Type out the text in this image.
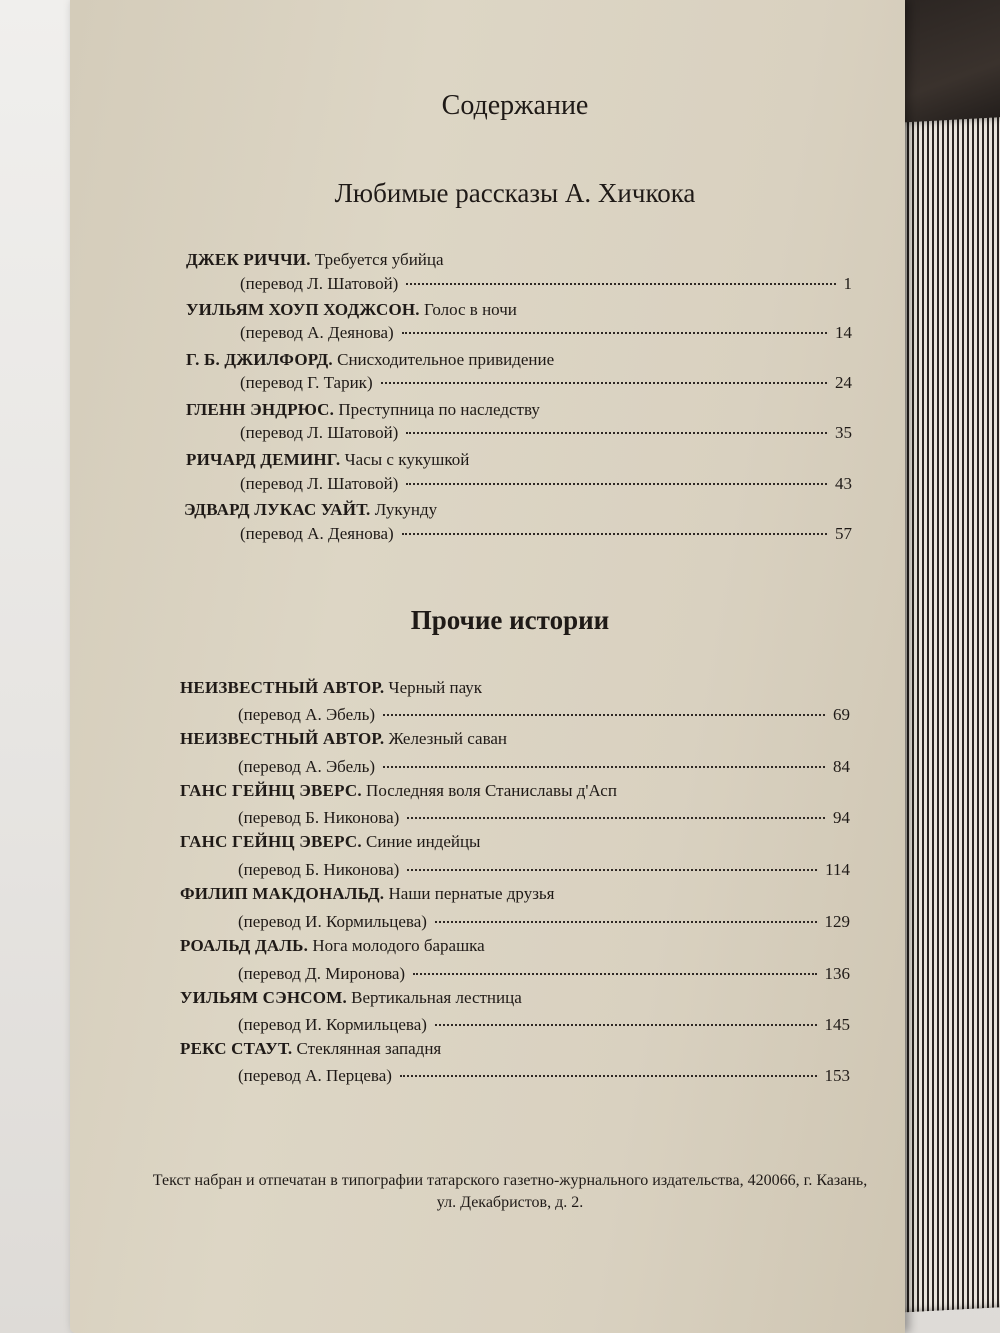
Содержание
Любимые рассказы А. Хичкока
ДЖЕК РИЧЧИ. Требуется убийца
(перевод Л. Шатовой)	1
УИЛЬЯМ ХОУП ХОДЖСОН. Голос в ночи
(перевод А. Деянова)	14
Г. Б. ДЖИЛФОРД. Снисходительное привидение
(перевод Г. Тарик)	24
ГЛЕНН ЭНДРЮС. Преступница по наследству
(перевод Л. Шатовой)	35
РИЧАРД ДЕМИНГ. Часы с кукушкой
(перевод Л. Шатовой)	43
ЭДВАРД ЛУКАС УАЙТ. Лукунду
(перевод А. Деянова)	57
Прочие истории
НЕИЗВЕСТНЫЙ АВТОР. Черный паук
(перевод А. Эбель)	69
НЕИЗВЕСТНЫЙ АВТОР. Железный саван
(перевод А. Эбель)	84
ГАНС ГЕЙНЦ ЭВЕРС. Последняя воля Станиславы д'Асп
(перевод Б. Никонова)	94
ГАНС ГЕЙНЦ ЭВЕРС. Синие индейцы
(перевод Б. Никонова)	114
ФИЛИП МАКДОНАЛЬД. Наши пернатые друзья
(перевод И. Кормильцева)	129
РОАЛЬД ДАЛЬ. Нога молодого барашка
(перевод Д. Миронова)	136
УИЛЬЯМ СЭНСОМ. Вертикальная лестница
(перевод И. Кормильцева)	145
РЕКС СТАУТ. Стеклянная западня
(перевод А. Перцева)	153
Текст набран и отпечатан в типографии татарского газетно-журнального издательства, 420066, г. Казань, ул. Декабристов, д. 2.
